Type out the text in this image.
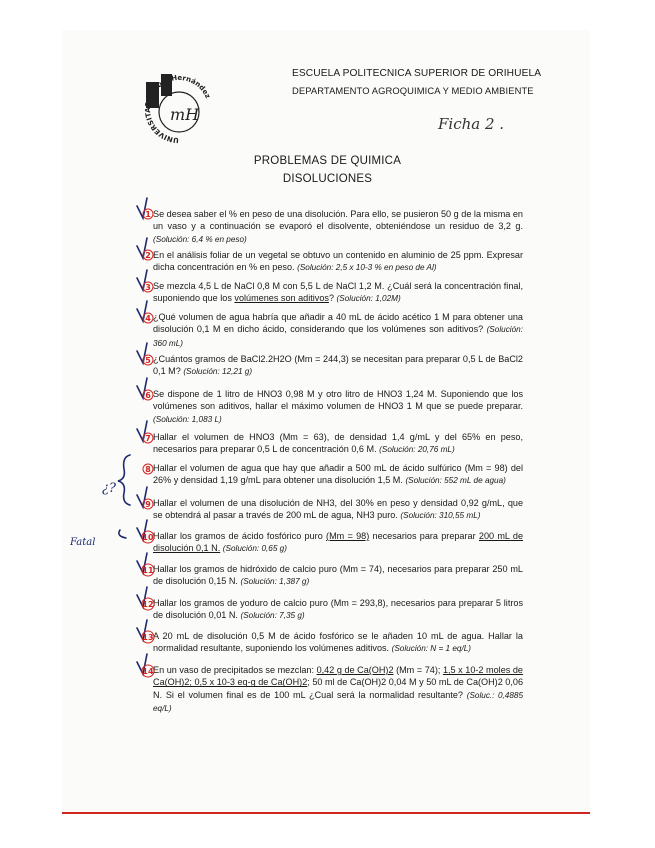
mH
UNIVERSITAS Miguel Hernández
ESCUELA POLITECNICA SUPERIOR DE ORIHUELA
DEPARTAMENTO AGROQUIMICA Y MEDIO AMBIENTE
Ficha 2 .
PROBLEMAS DE QUIMICA
DISOLUCIONES
Se desea saber el % en peso de una disolución. Para ello, se pusieron 50 g de la misma en un vaso y a continuación se evaporó el disolvente, obteniéndose un residuo de 3,2 g. (Solución: 6,4 % en peso)
En el análisis foliar de un vegetal se obtuvo un contenido en aluminio de 25 ppm. Expresar dicha concentración en % en peso. (Solución: 2,5 x 10-3 % en peso de Al)
Se mezcla 4,5 L de NaCl 0,8 M con 5,5 L de NaCl 1,2 M. ¿Cuál será la concentración final, suponiendo que los volúmenes son aditivos? (Solución: 1,02M)
¿Qué volumen de agua habría que añadir a 40 mL de ácido acético 1 M para obtener una disolución 0,1 M en dicho ácido, considerando que los volúmenes son aditivos? (Solución: 360 mL)
¿Cuántos gramos de BaCl2.2H2O (Mm = 244,3) se necesitan para preparar 0,5 L de BaCl2 0,1 M? (Solución: 12,21 g)
Se dispone de 1 litro de HNO3 0,98 M y otro litro de HNO3 1,24 M. Suponiendo que los volúmenes son aditivos, hallar el máximo volumen de HNO3 1 M que se puede preparar. (Solución: 1,083 L)
Hallar el volumen de HNO3 (Mm = 63), de densidad 1,4 g/mL y del 65% en peso, necesarios para preparar 0,5 L de concentración 0,6 M. (Solución: 20,76 mL)
Hallar el volumen de agua que hay que añadir a 500 mL de ácido sulfúrico (Mm = 98) del 26% y densidad 1,19 g/mL para obtener una disolución 1,5 M. (Solución: 552 mL de agua)
Hallar el volumen de una disolución de NH3, del 30% en peso y densidad 0,92 g/mL, que se obtendrá al pasar a través de 200 mL de agua, NH3 puro. (Solución: 310,55 mL)
Hallar los gramos de ácido fosfórico puro (Mm = 98) necesarios para preparar 200 mL de disolución 0,1 N. (Solución: 0,65 g)
Hallar los gramos de hidróxido de calcio puro (Mm = 74), necesarios para preparar 250 mL de disolución 0,15 N. (Solución: 1,387 g)
Hallar los gramos de yoduro de calcio puro (Mm = 293,8), necesarios para preparar 5 litros de disolución 0,01 N. (Solución: 7,35 g)
A 20 mL de disolución 0,5 M de ácido fosfórico se le añaden 10 mL de agua. Hallar la normalidad resultante, suponiendo los volúmenes aditivos. (Solución: N = 1 eq/L)
En un vaso de precipitados se mezclan: 0,42 g de Ca(OH)2 (Mm = 74); 1,5 x 10-2 moles de Ca(OH)2; 0,5 x 10-3 eq-g de Ca(OH)2; 50 ml de Ca(OH)2 0,04 M y 50 mL de Ca(OH)2 0,06 N. Si el volumen final es de 100 mL ¿Cual será la normalidad resultante? (Soluc.: 0,4885 eq/L)
¿?
Fatal
1
2
3
4
5
6
7
8
9
10
11
12
13
14
